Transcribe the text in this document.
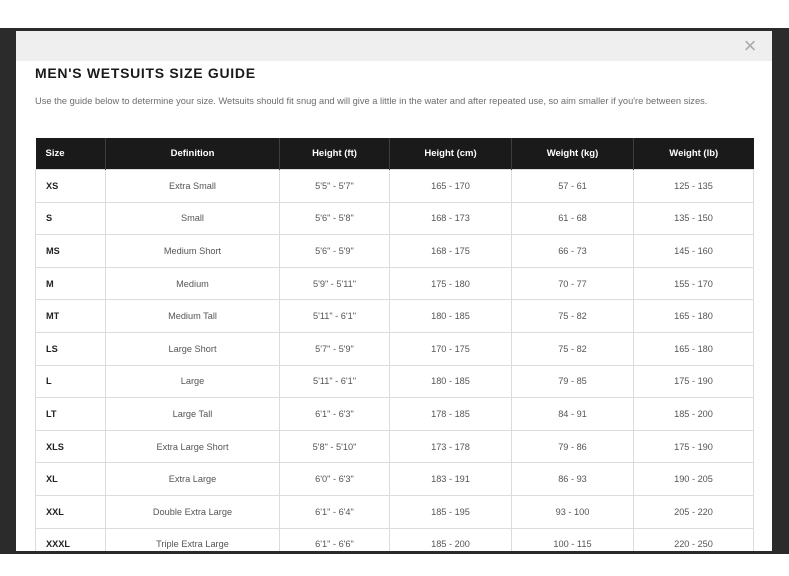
×
MEN'S WETSUITS SIZE GUIDE
Use the guide below to determine your size. Wetsuits should fit snug and will give a little in the water and after repeated use, so aim smaller if you're between sizes.
Size	Definition	Height (ft)	Height (cm)	Weight (kg)	Weight (lb)
XS	Extra Small	5'5" - 5'7"	165 - 170	57 - 61	125 - 135
S	Small	5'6" - 5'8"	168 - 173	61 - 68	135 - 150
MS	Medium Short	5'6" - 5'9"	168 - 175	66 - 73	145 - 160
M	Medium	5'9" - 5'11"	175 - 180	70 - 77	155 - 170
MT	Medium Tall	5'11" - 6'1"	180 - 185	75 - 82	165 - 180
LS	Large Short	5'7" - 5'9"	170 - 175	75 - 82	165 - 180
L	Large	5'11" - 6'1"	180 - 185	79 - 85	175 - 190
LT	Large Tall	6'1" - 6'3"	178 - 185	84 - 91	185 - 200
XLS	Extra Large Short	5'8" - 5'10"	173 - 178	79 - 86	175 - 190
XL	Extra Large	6'0" - 6'3"	183 - 191	86 - 93	190 - 205
XXL	Double Extra Large	6'1" - 6'4"	185 - 195	93 - 100	205 - 220
XXXL	Triple Extra Large	6'1" - 6'6"	185 - 200	100 - 115	220 - 250
